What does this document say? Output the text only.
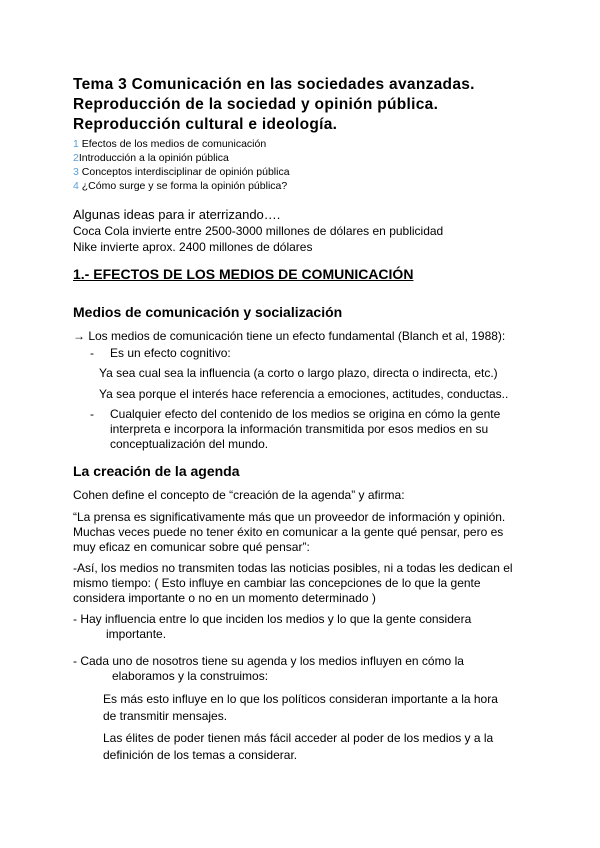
Tema 3 Comunicación en las sociedades avanzadas.
Reproducción de la sociedad y opinión pública.
Reproducción cultural e ideología.
1 Efectos de los medios de comunicación
2Introducción a la opinión pública
3 Conceptos interdisciplinar de opinión pública
4 ¿Cómo surge y se forma la opinión pública?
Algunas ideas para ir aterrizando….
Coca Cola invierte entre 2500-3000 millones de dólares en publicidad
Nike invierte aprox. 2400 millones de dólares
1.- EFECTOS DE LOS MEDIOS DE COMUNICACIÓN
Medios de comunicación y socialización
→ Los medios de comunicación tiene un efecto fundamental (Blanch et al, 1988):
- Es un efecto cognitivo:
Ya sea cual sea la influencia (a corto o largo plazo, directa o indirecta, etc.)
Ya sea porque el interés hace referencia a emociones, actitudes, conductas..
- Cualquier efecto del contenido de los medios se origina en cómo la gente
interpreta e incorpora la información transmitida por esos medios en su
conceptualización del mundo.
La creación de la agenda
Cohen define el concepto de “creación de la agenda” y afirma:
“La prensa es significativamente más que un proveedor de información y opinión.
Muchas veces puede no tener éxito en comunicar a la gente qué pensar, pero es
muy eficaz en comunicar sobre qué pensar”:
-Así, los medios no transmiten todas las noticias posibles, ni a todas les dedican el
mismo tiempo: ( Esto influye en cambiar las concepciones de lo que la gente
considera importante o no en un momento determinado )
- Hay influencia entre lo que inciden los medios y lo que la gente considera
importante.
- Cada uno de nosotros tiene su agenda y los medios influyen en cómo la
elaboramos y la construimos:
Es más esto influye en lo que los políticos consideran importante a la hora
de transmitir mensajes.
Las élites de poder tienen más fácil acceder al poder de los medios y a la
definición de los temas a considerar.
